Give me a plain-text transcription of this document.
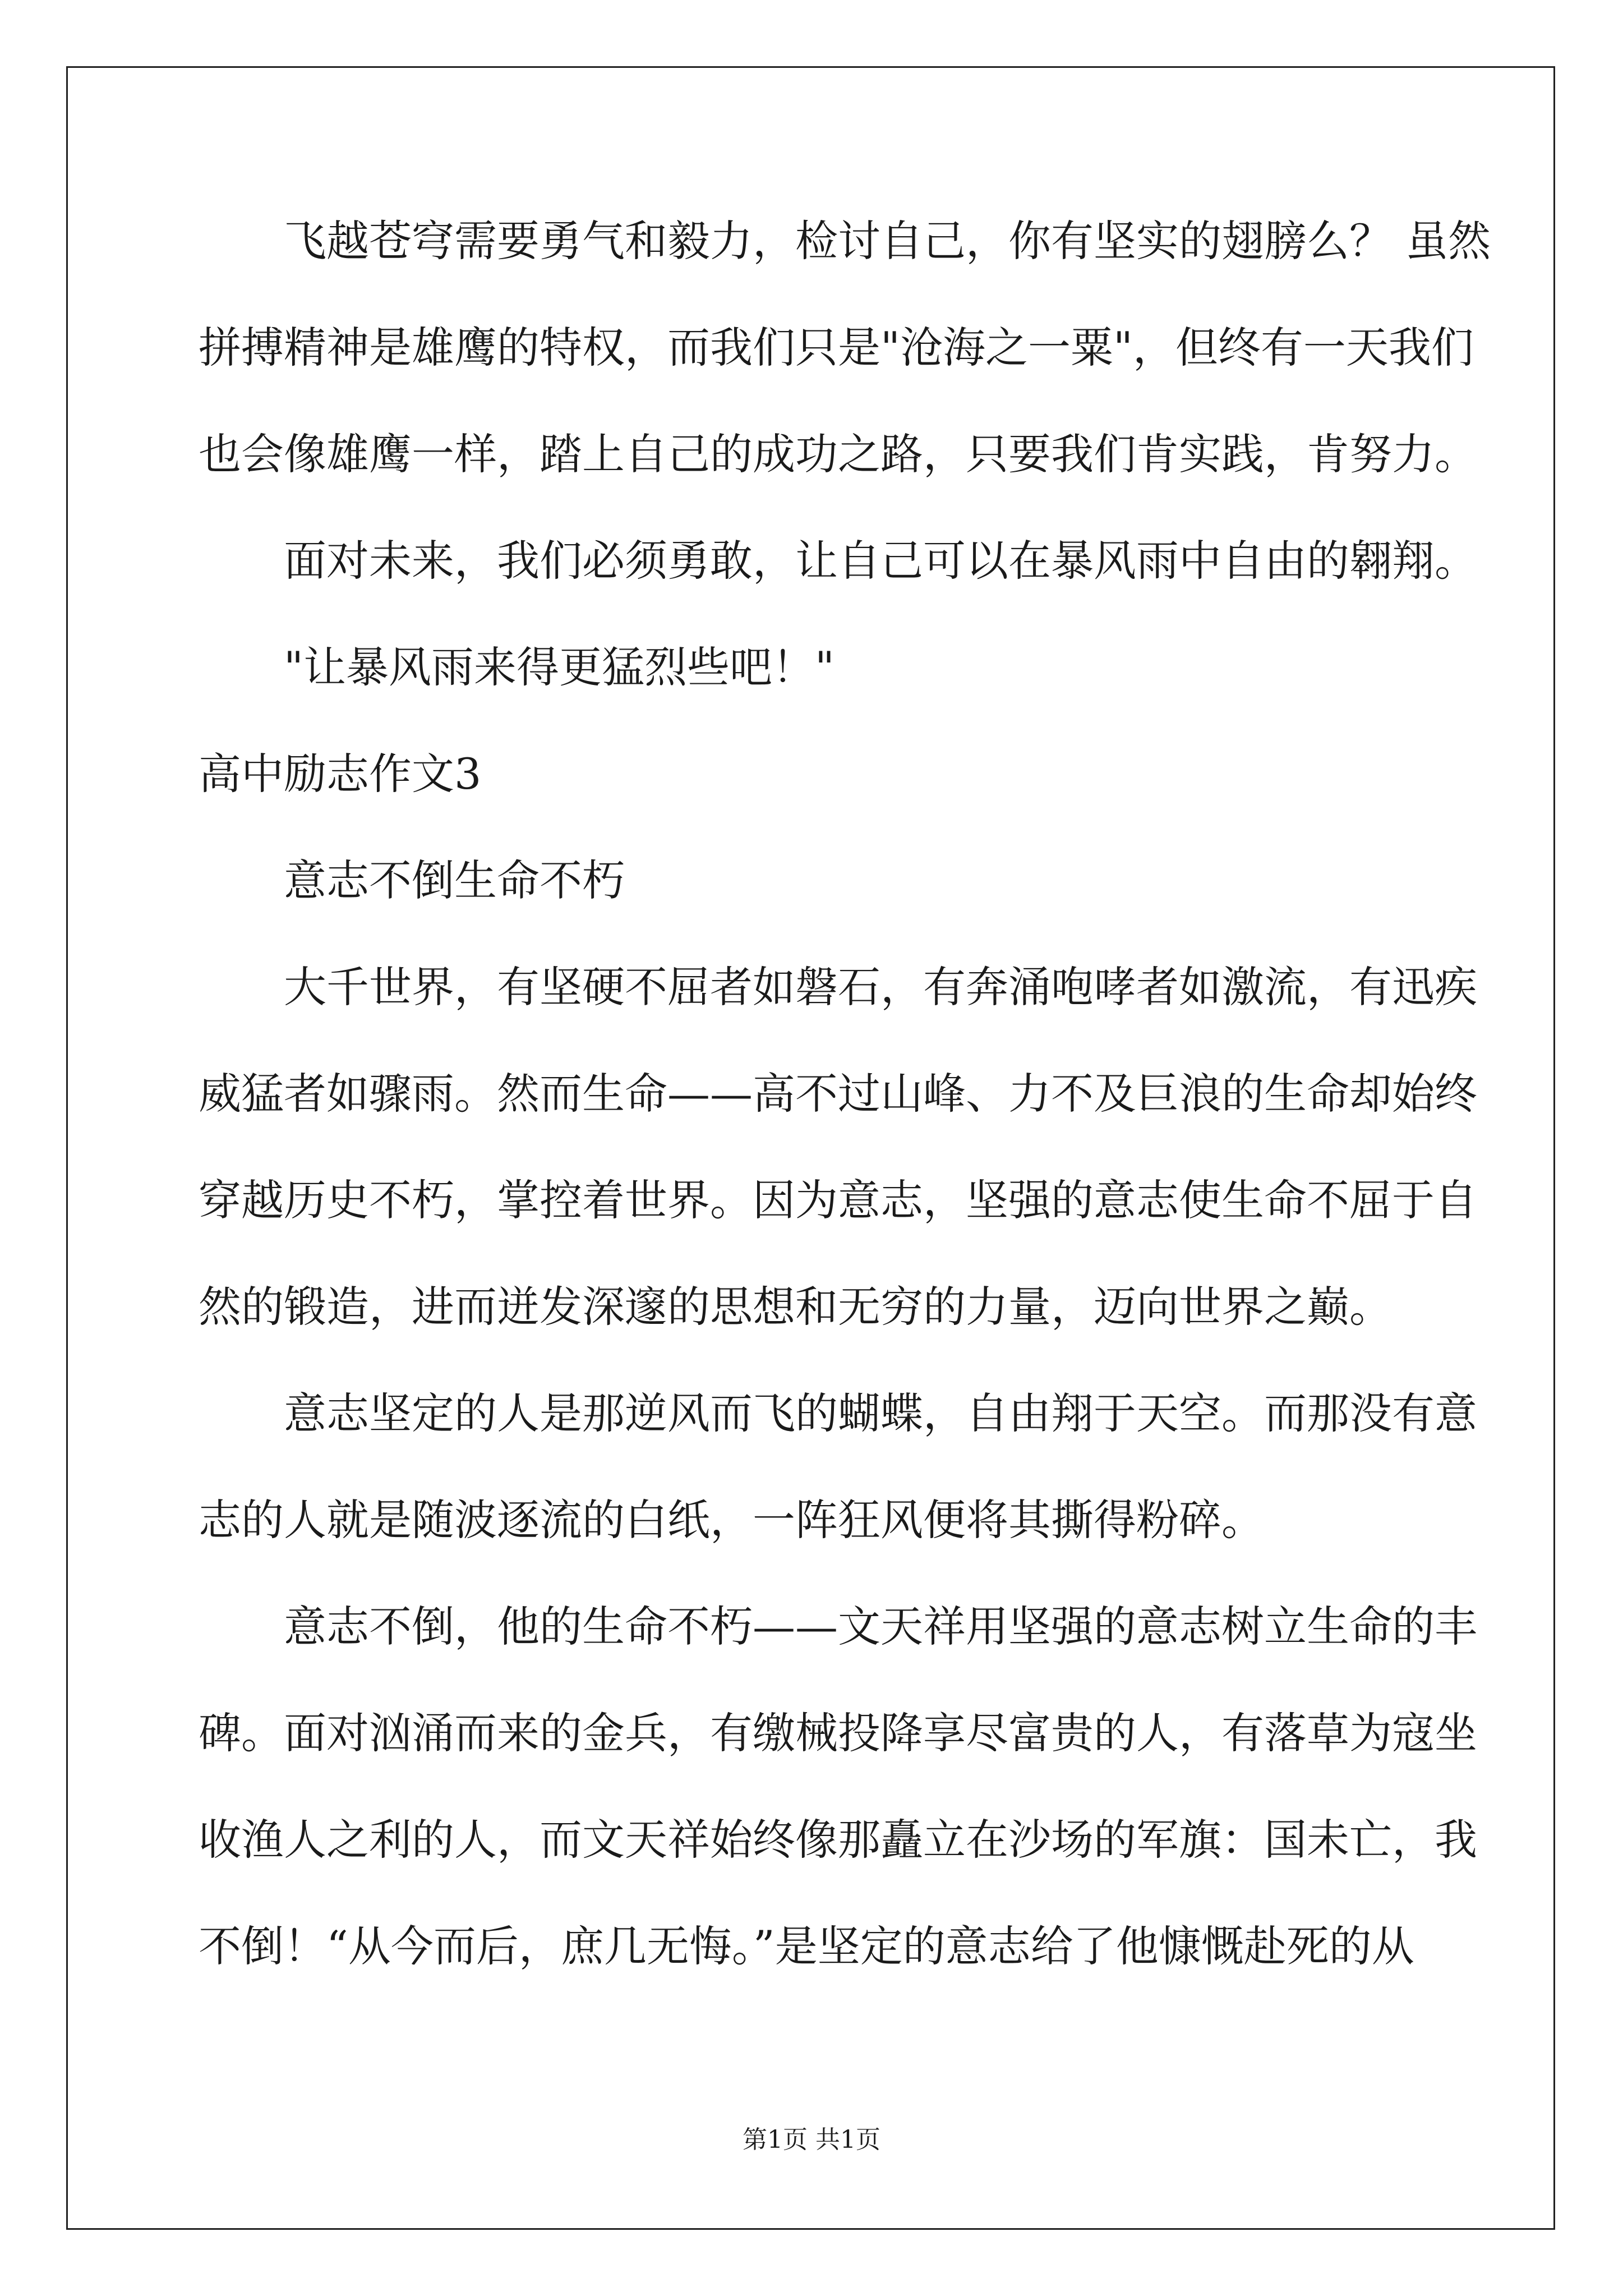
飞越苍穹需要勇气和毅力，检讨自己，你有坚实的翅膀么？ 虽然
拼搏精神是雄鹰的特权，而我们只是"沧海之一粟"，但终有一天我们
也会像雄鹰一样，踏上自己的成功之路，只要我们肯实践，肯努力。
面对未来，我们必须勇敢，让自己可以在暴风雨中自由的翱翔。
"让暴风雨来得更猛烈些吧！"
高中励志作文3
意志不倒生命不朽
大千世界，有坚硬不屈者如磐石，有奔涌咆哮者如激流，有迅疾
威猛者如骤雨。然而生命——高不过山峰、力不及巨浪的生命却始终
穿越历史不朽，掌控着世界。因为意志，坚强的意志使生命不屈于自
然的锻造，进而迸发深邃的思想和无穷的力量，迈向世界之巅。
意志坚定的人是那逆风而飞的蝴蝶，自由翔于天空。而那没有意
志的人就是随波逐流的白纸，一阵狂风便将其撕得粉碎。
意志不倒，他的生命不朽——文天祥用坚强的意志树立生命的丰
碑。面对汹涌而来的金兵，有缴械投降享尽富贵的人，有落草为寇坐
收渔人之利的人，而文天祥始终像那矗立在沙场的军旗：国未亡，我
不倒！“从今而后，庶几无悔。”是坚定的意志给了他慷慨赴死的从
第1页 共1页
